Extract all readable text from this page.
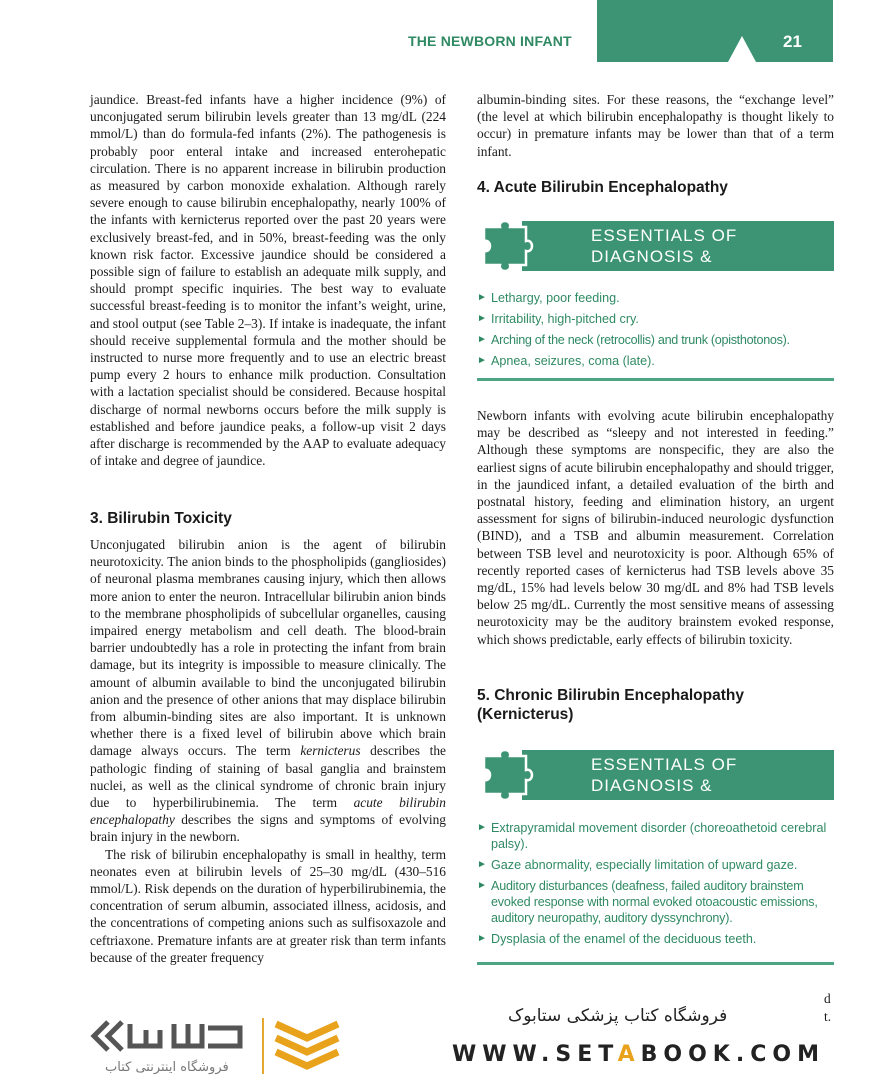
THE NEWBORN INFANT	21

jaundice. Breast-fed infants have a higher incidence (9%) of unconjugated serum bilirubin levels greater than 13 mg/dL (224 mmol/L) than do formula-fed infants (2%). The pathogenesis is probably poor enteral intake and increased enterohepatic circulation. There is no apparent increase in bilirubin production as measured by carbon monoxide exhalation. Although rarely severe enough to cause bilirubin encephalopathy, nearly 100% of the infants with kernicterus reported over the past 20 years were exclusively breast-fed, and in 50%, breast-feeding was the only known risk factor. Excessive jaundice should be considered a possible sign of failure to establish an adequate milk supply, and should prompt specific inquiries. The best way to evaluate successful breast-feeding is to monitor the infant’s weight, urine, and stool output (see Table 2–3). If intake is inadequate, the infant should receive supplemental formula and the mother should be instructed to nurse more frequently and to use an electric breast pump every 2 hours to enhance milk production. Consultation with a lactation specialist should be considered. Because hospital discharge of normal newborns occurs before the milk supply is established and before jaundice peaks, a follow-up visit 2 days after discharge is recommended by the AAP to evaluate adequacy of intake and degree of jaundice.

3. Bilirubin Toxicity

Unconjugated bilirubin anion is the agent of bilirubin neurotoxicity. The anion binds to the phospholipids (gangliosides) of neuronal plasma membranes causing injury, which then allows more anion to enter the neuron. Intracellular bilirubin anion binds to the membrane phospholipids of subcellular organelles, causing impaired energy metabolism and cell death. The blood-brain barrier undoubtedly has a role in protecting the infant from brain damage, but its integrity is impossible to measure clinically. The amount of albumin available to bind the unconjugated bilirubin anion and the presence of other anions that may displace bilirubin from albumin-binding sites are also important. It is unknown whether there is a fixed level of bilirubin above which brain damage always occurs. The term kernicterus describes the pathologic finding of staining of basal ganglia and brainstem nuclei, as well as the clinical syndrome of chronic brain injury due to hyperbilirubinemia. The term acute bilirubin encephalopathy describes the signs and symptoms of evolving brain injury in the newborn.

The risk of bilirubin encephalopathy is small in healthy, term neonates even at bilirubin levels of 25–30 mg/dL (430–516 mmol/L). Risk depends on the duration of hyperbilirubinemia, the concentration of serum albumin, associated illness, acidosis, and the concentrations of competing anions such as sulfisoxazole and ceftriaxone. Premature infants are at greater risk than term infants because of the greater frequency

albumin-binding sites. For these reasons, the “exchange level” (the level at which bilirubin encephalopathy is thought likely to occur) in premature infants may be lower than that of a term infant.

4. Acute Bilirubin Encephalopathy
ESSENTIALS OF DIAGNOSIS &
TYPICAL FEATURES
► Lethargy, poor feeding.
► Irritability, high-pitched cry.
► Arching of the neck (retrocollis) and trunk (opisthotonos).
► Apnea, seizures, coma (late).

Newborn infants with evolving acute bilirubin encephalopathy may be described as “sleepy and not interested in feeding.” Although these symptoms are nonspecific, they are also the earliest signs of acute bilirubin encephalopathy and should trigger, in the jaundiced infant, a detailed evaluation of the birth and postnatal history, feeding and elimination history, an urgent assessment for signs of bilirubin-induced neurologic dysfunction (BIND), and a TSB and albumin measurement. Correlation between TSB level and neurotoxicity is poor. Although 65% of recently reported cases of kernicterus had TSB levels above 35 mg/dL, 15% had levels below 30 mg/dL and 8% had TSB levels below 25 mg/dL. Currently the most sensitive means of assessing neurotoxicity may be the auditory brainstem evoked response, which shows predictable, early effects of bilirubin toxicity.

5. Chronic Bilirubin Encephalopathy
(Kernicterus)
ESSENTIALS OF DIAGNOSIS &
TYPICAL FEATURES
► Extrapyramidal movement disorder (choreoathetoid cerebral palsy).
► Gaze abnormality, especially limitation of upward gaze.
► Auditory disturbances (deafness, failed auditory brainstem evoked response with normal evoked otoacoustic emissions, auditory neuropathy, auditory dyssynchrony).
► Dysplasia of the enamel of the deciduous teeth.
d
t.
فروشگاه اینترنتی کتاب
فروشگاه کتاب پزشکی ستابوک
WWW.SETABOOK.COM
